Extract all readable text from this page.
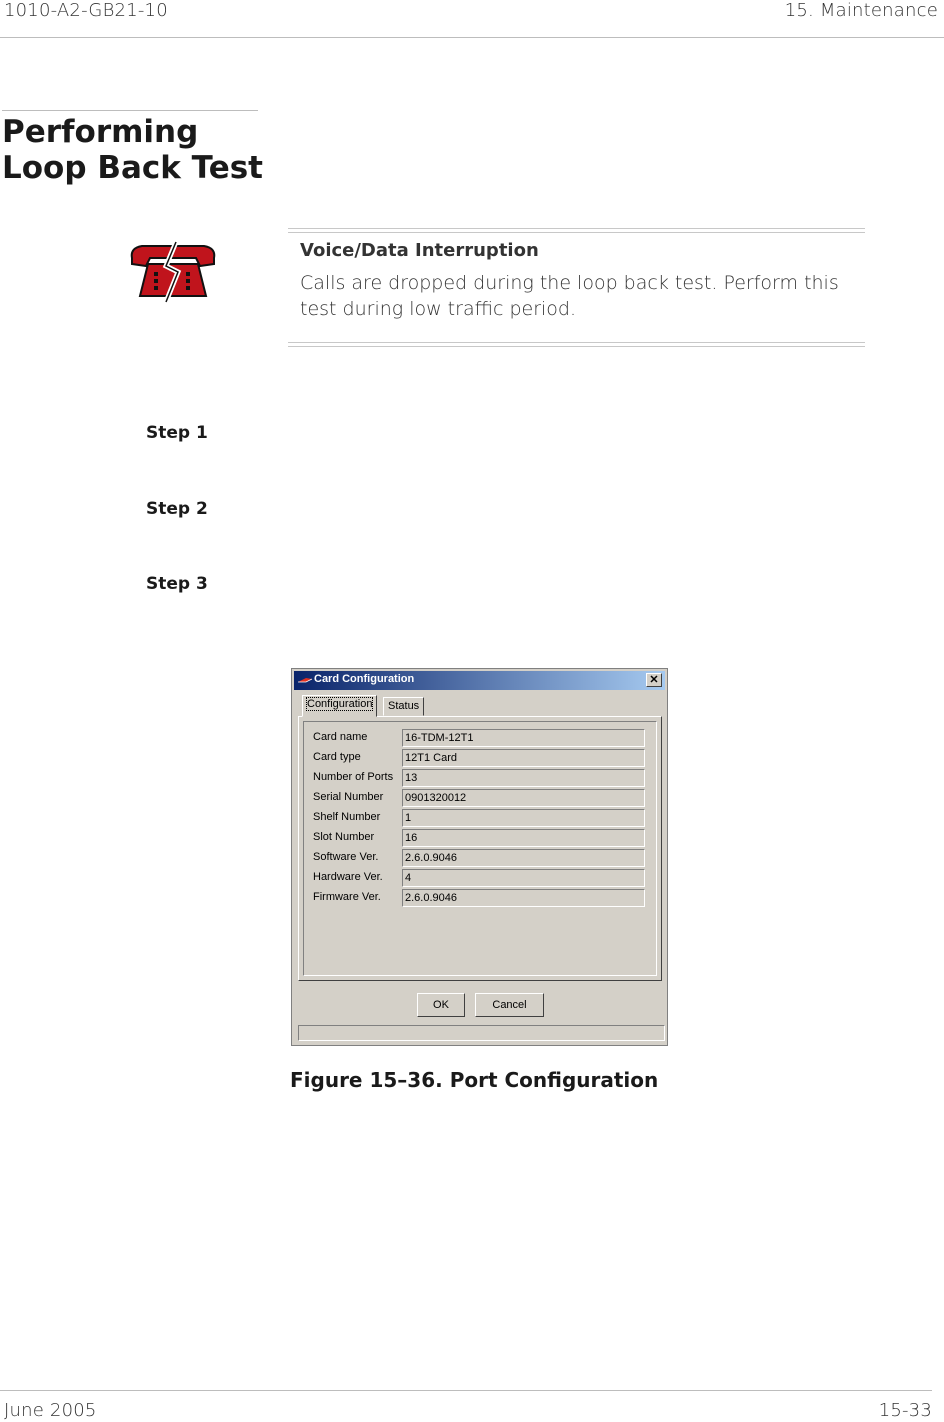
1010-A2-GB21-10	15. Maintenance
Performing
Loop Back Test
Voice/Data Interruption
Calls are dropped during the loop back test. Perform this test during low traffic period.
Step 1
Step 2
Step 3
Card Configuration	✕
Configuration	Status
Card name	16-TDM-12T1
Card type	12T1 Card
Number of Ports 13
Serial Number 0901320012
Shelf Number 1
Slot Number	16
Software Ver. 2.6.0.9046
Hardware Ver. 4
Firmware Ver. 2.6.0.9046
OK	Cancel
Figure 15–36. Port Configuration
June 2005	15-33
